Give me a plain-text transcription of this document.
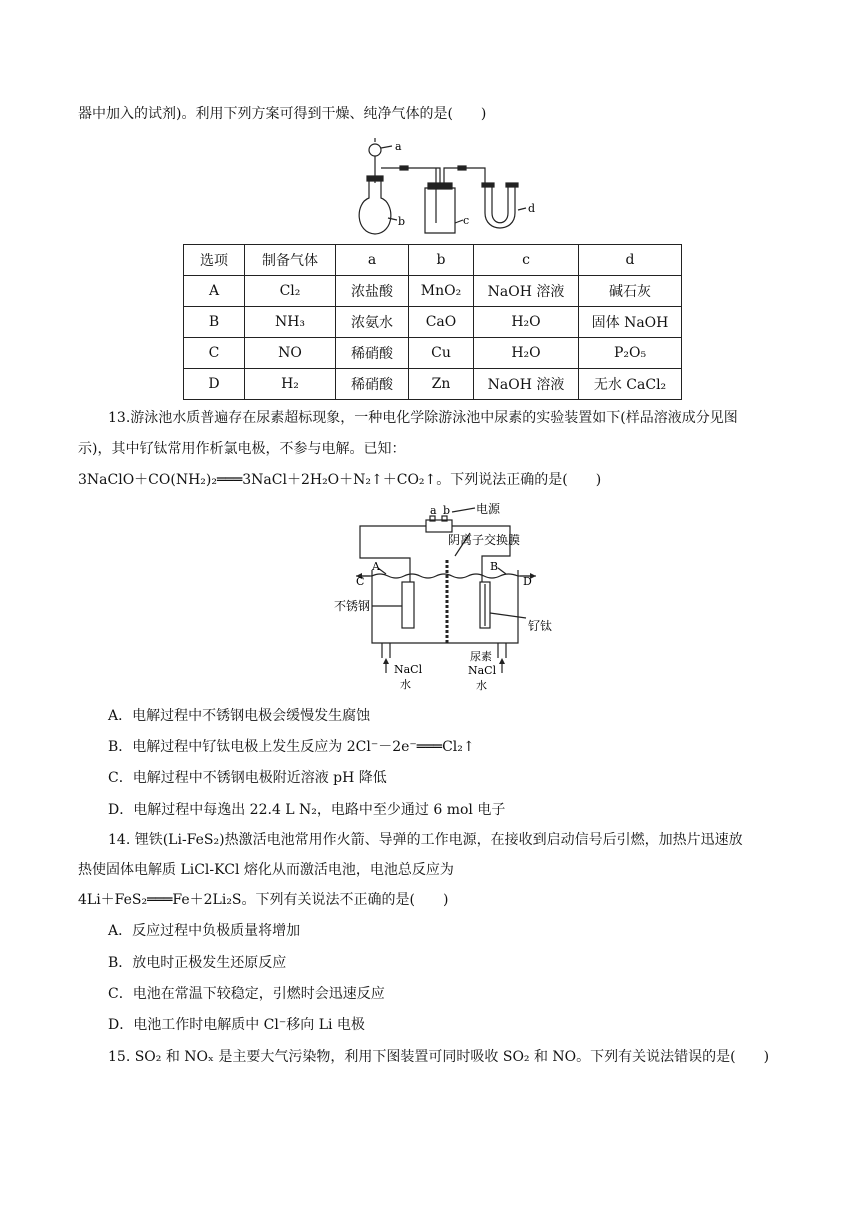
器中加入的试剂)。利用下列方案可得到干燥、纯净气体的是(　　)
a
b	c
d
选项	制备气体	a	b	c	d
A	Cl₂	浓盐酸	MnO₂	NaOH 溶液	碱石灰
B	NH₃	浓氨水	CaO	H₂O	固体 NaOH
C	NO	稀硝酸	Cu	H₂O	P₂O₅
D	H₂	稀硝酸	Zn	NaOH 溶液	无水 CaCl₂
13.游泳池水质普遍存在尿素超标现象，一种电化学除游泳池中尿素的实验装置如下(样品溶液成分见图
示)，其中钌钛常用作析氯电极，不参与电解。已知：
3NaClO＋CO(NH₂)₂═══3NaCl＋2H₂O＋N₂↑＋CO₂↑。下列说法正确的是(　　)
a b 电源
阴离子交换膜
A	B
C	D
不锈钢
钌钛
NaCl
水
尿素
NaCl
水
A．电解过程中不锈钢电极会缓慢发生腐蚀
B．电解过程中钌钛电极上发生反应为 2Cl⁻－2e⁻═══Cl₂↑
C．电解过程中不锈钢电极附近溶液 pH 降低
D．电解过程中每逸出 22.4 L N₂，电路中至少通过 6 mol 电子
14. 锂铁(Li-FeS₂)热激活电池常用作火箭、导弹的工作电源，在接收到启动信号后引燃，加热片迅速放
热使固体电解质 LiCl-KCl 熔化从而激活电池，电池总反应为
4Li＋FeS₂═══Fe＋2Li₂S。下列有关说法不正确的是(　　)
A．反应过程中负极质量将增加
B．放电时正极发生还原反应
C．电池在常温下较稳定，引燃时会迅速反应
D．电池工作时电解质中 Cl⁻移向 Li 电极
15. SO₂ 和 NOₓ 是主要大气污染物，利用下图装置可同时吸收 SO₂ 和 NO。下列有关说法错误的是(　　)
